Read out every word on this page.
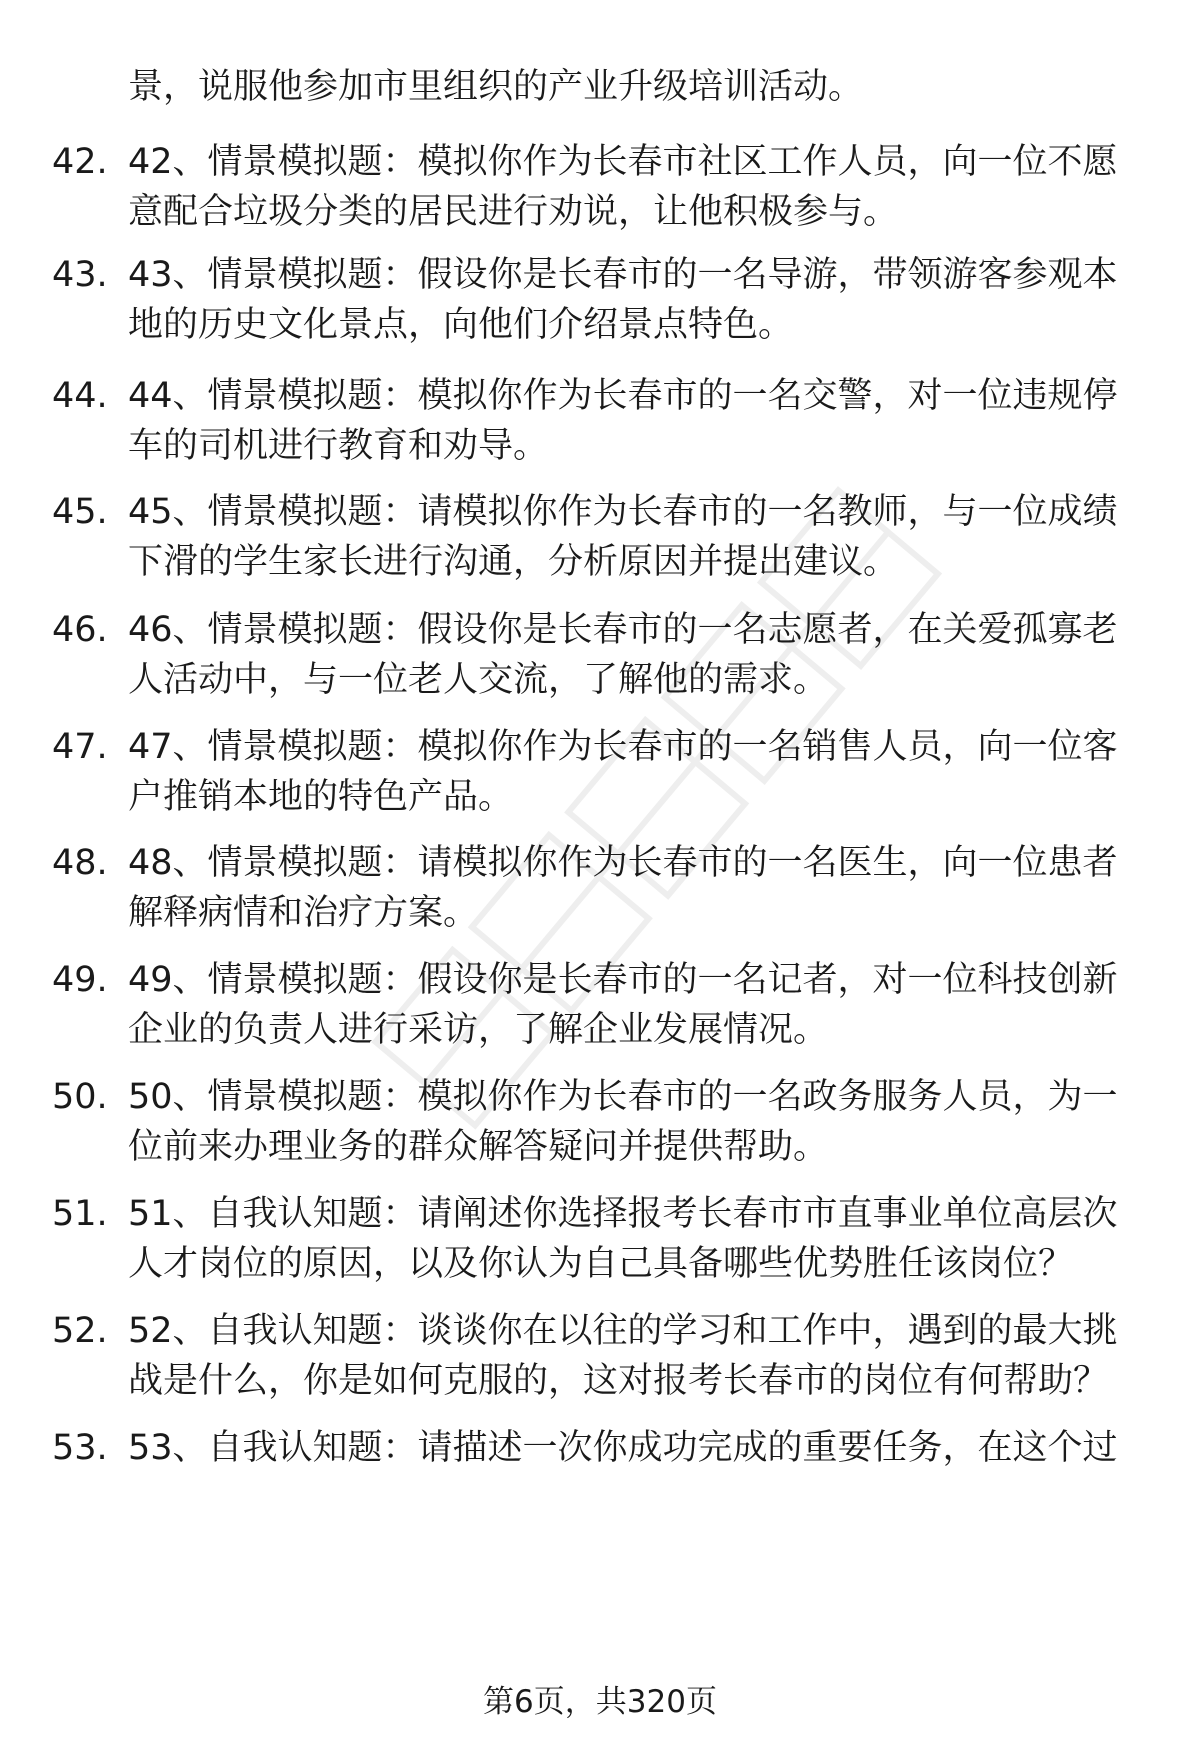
景，说服他参加市里组织的产业升级培训活动。
42. 42、情景模拟题：模拟你作为长春市社区工作人员，向一位不愿
意配合垃圾分类的居民进行劝说，让他积极参与。
43. 43、情景模拟题：假设你是长春市的一名导游，带领游客参观本
地的历史文化景点，向他们介绍景点特色。
44. 44、情景模拟题：模拟你作为长春市的一名交警，对一位违规停
车的司机进行教育和劝导。
45. 45、情景模拟题：请模拟你作为长春市的一名教师，与一位成绩
下滑的学生家长进行沟通，分析原因并提出建议。
46. 46、情景模拟题：假设你是长春市的一名志愿者，在关爱孤寡老
人活动中，与一位老人交流，了解他的需求。
47. 47、情景模拟题：模拟你作为长春市的一名销售人员，向一位客
户推销本地的特色产品。
48. 48、情景模拟题：请模拟你作为长春市的一名医生，向一位患者
解释病情和治疗方案。
49. 49、情景模拟题：假设你是长春市的一名记者，对一位科技创新
企业的负责人进行采访，了解企业发展情况。
50. 50、情景模拟题：模拟你作为长春市的一名政务服务人员，为一
位前来办理业务的群众解答疑问并提供帮助。
51. 51、自我认知题：请阐述你选择报考长春市市直事业单位高层次
人才岗位的原因，以及你认为自己具备哪些优势胜任该岗位？
52. 52、自我认知题：谈谈你在以往的学习和工作中，遇到的最大挑
战是什么，你是如何克服的，这对报考长春市的岗位有何帮助？
53. 53、自我认知题：请描述一次你成功完成的重要任务，在这个过
第6页，共320页
